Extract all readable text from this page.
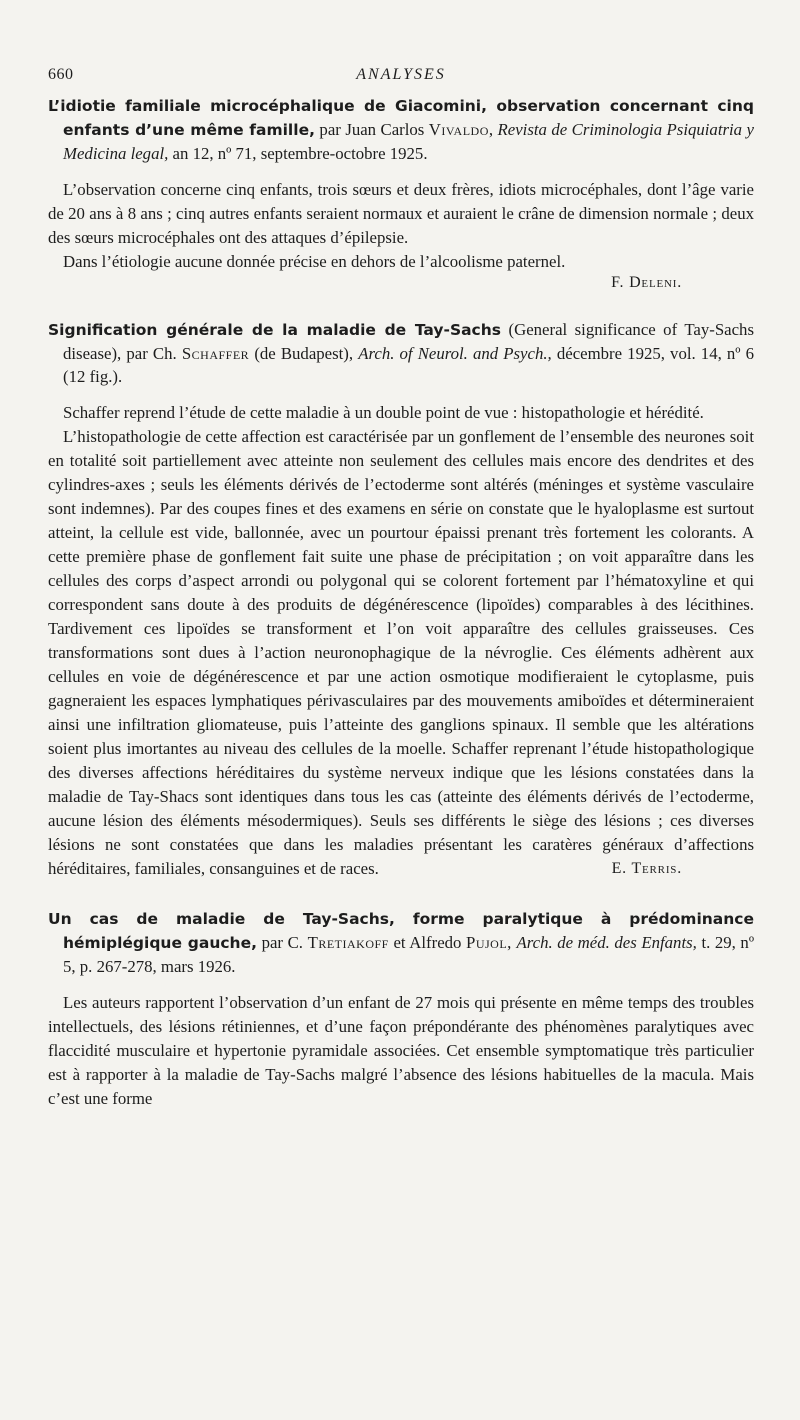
660	ANALYSES
L’idiotie familiale microcéphalique de Giacomini, observation concernant cinq enfants d’une même famille, par Juan Carlos Vivaldo, Revista de Criminologia Psiquiatria y Medicina legal, an 12, nº 71, septembre-octobre 1925.

L’observation concerne cinq enfants, trois sœurs et deux frères, idiots microcéphales, dont l’âge varie de 20 ans à 8 ans ; cinq autres enfants seraient normaux et auraient le crâne de dimension normale ; deux des sœurs microcéphales ont des attaques d’épilepsie.

Dans l’étiologie aucune donnée précise en dehors de l’alcoolisme paternel.

F. Deleni.
Signification générale de la maladie de Tay-Sachs (General significance of Tay-Sachs disease), par Ch. Schaffer (de Budapest), Arch. of Neurol. and Psych., décembre 1925, vol. 14, nº 6 (12 fig.).

Schaffer reprend l’étude de cette maladie à un double point de vue : histopathologie et hérédité.

L’histopathologie de cette affection est caractérisée par un gonflement de l’ensemble des neurones soit en totalité soit partiellement avec atteinte non seulement des cellules mais encore des dendrites et des cylindres-axes ; seuls les éléments dérivés de l’ectoderme sont altérés (méninges et système vasculaire sont indemnes). Par des coupes fines et des examens en série on constate que le hyaloplasme est surtout atteint, la cellule est vide, ballonnée, avec un pourtour épaissi prenant très fortement les colorants. A cette première phase de gonflement fait suite une phase de précipitation ; on voit apparaître dans les cellules des corps d’aspect arrondi ou polygonal qui se colorent fortement par l’hématoxyline et qui correspondent sans doute à des produits de dégénérescence (lipoïdes) comparables à des lécithines. Tardivement ces lipoïdes se transforment et l’on voit apparaître des cellules graisseuses. Ces transformations sont dues à l’action neuronophagique de la névroglie. Ces éléments adhèrent aux cellules en voie de dégénérescence et par une action osmotique modifieraient le cytoplasme, puis gagneraient les espaces lymphatiques périvasculaires par des mouvements amiboïdes et détermineraient ainsi une infiltration gliomateuse, puis l’atteinte des ganglions spinaux. Il semble que les altérations soient plus imortantes au niveau des cellules de la moelle. Schaffer reprenant l’étude histopathologique des diverses affections héréditaires du système nerveux indique que les lésions constatées dans la maladie de Tay-Shacs sont identiques dans tous les cas (atteinte des éléments dérivés de l’ectoderme, aucune lésion des éléments mésodermiques). Seuls ses différents le siège des lésions ; ces diverses lésions ne sont constatées que dans les maladies présentant les caratères généraux d’affections héréditaires, familiales, consanguines et de races.	E. Terris.

Un cas de maladie de Tay-Sachs, forme paralytique à prédominance hémiplégique gauche, par C. Tretiakoff et Alfredo Pujol, Arch. de méd. des Enfants, t. 29, nº 5, p. 267-278, mars 1926.

Les auteurs rapportent l’observation d’un enfant de 27 mois qui présente en même temps des troubles intellectuels, des lésions rétiniennes, et d’une façon prépondérante des phénomènes paralytiques avec flaccidité musculaire et hypertonie pyramidale associées. Cet ensemble symptomatique très particulier est à rapporter à la maladie de Tay-Sachs malgré l’absence des lésions habituelles de la macula. Mais c’est une forme
